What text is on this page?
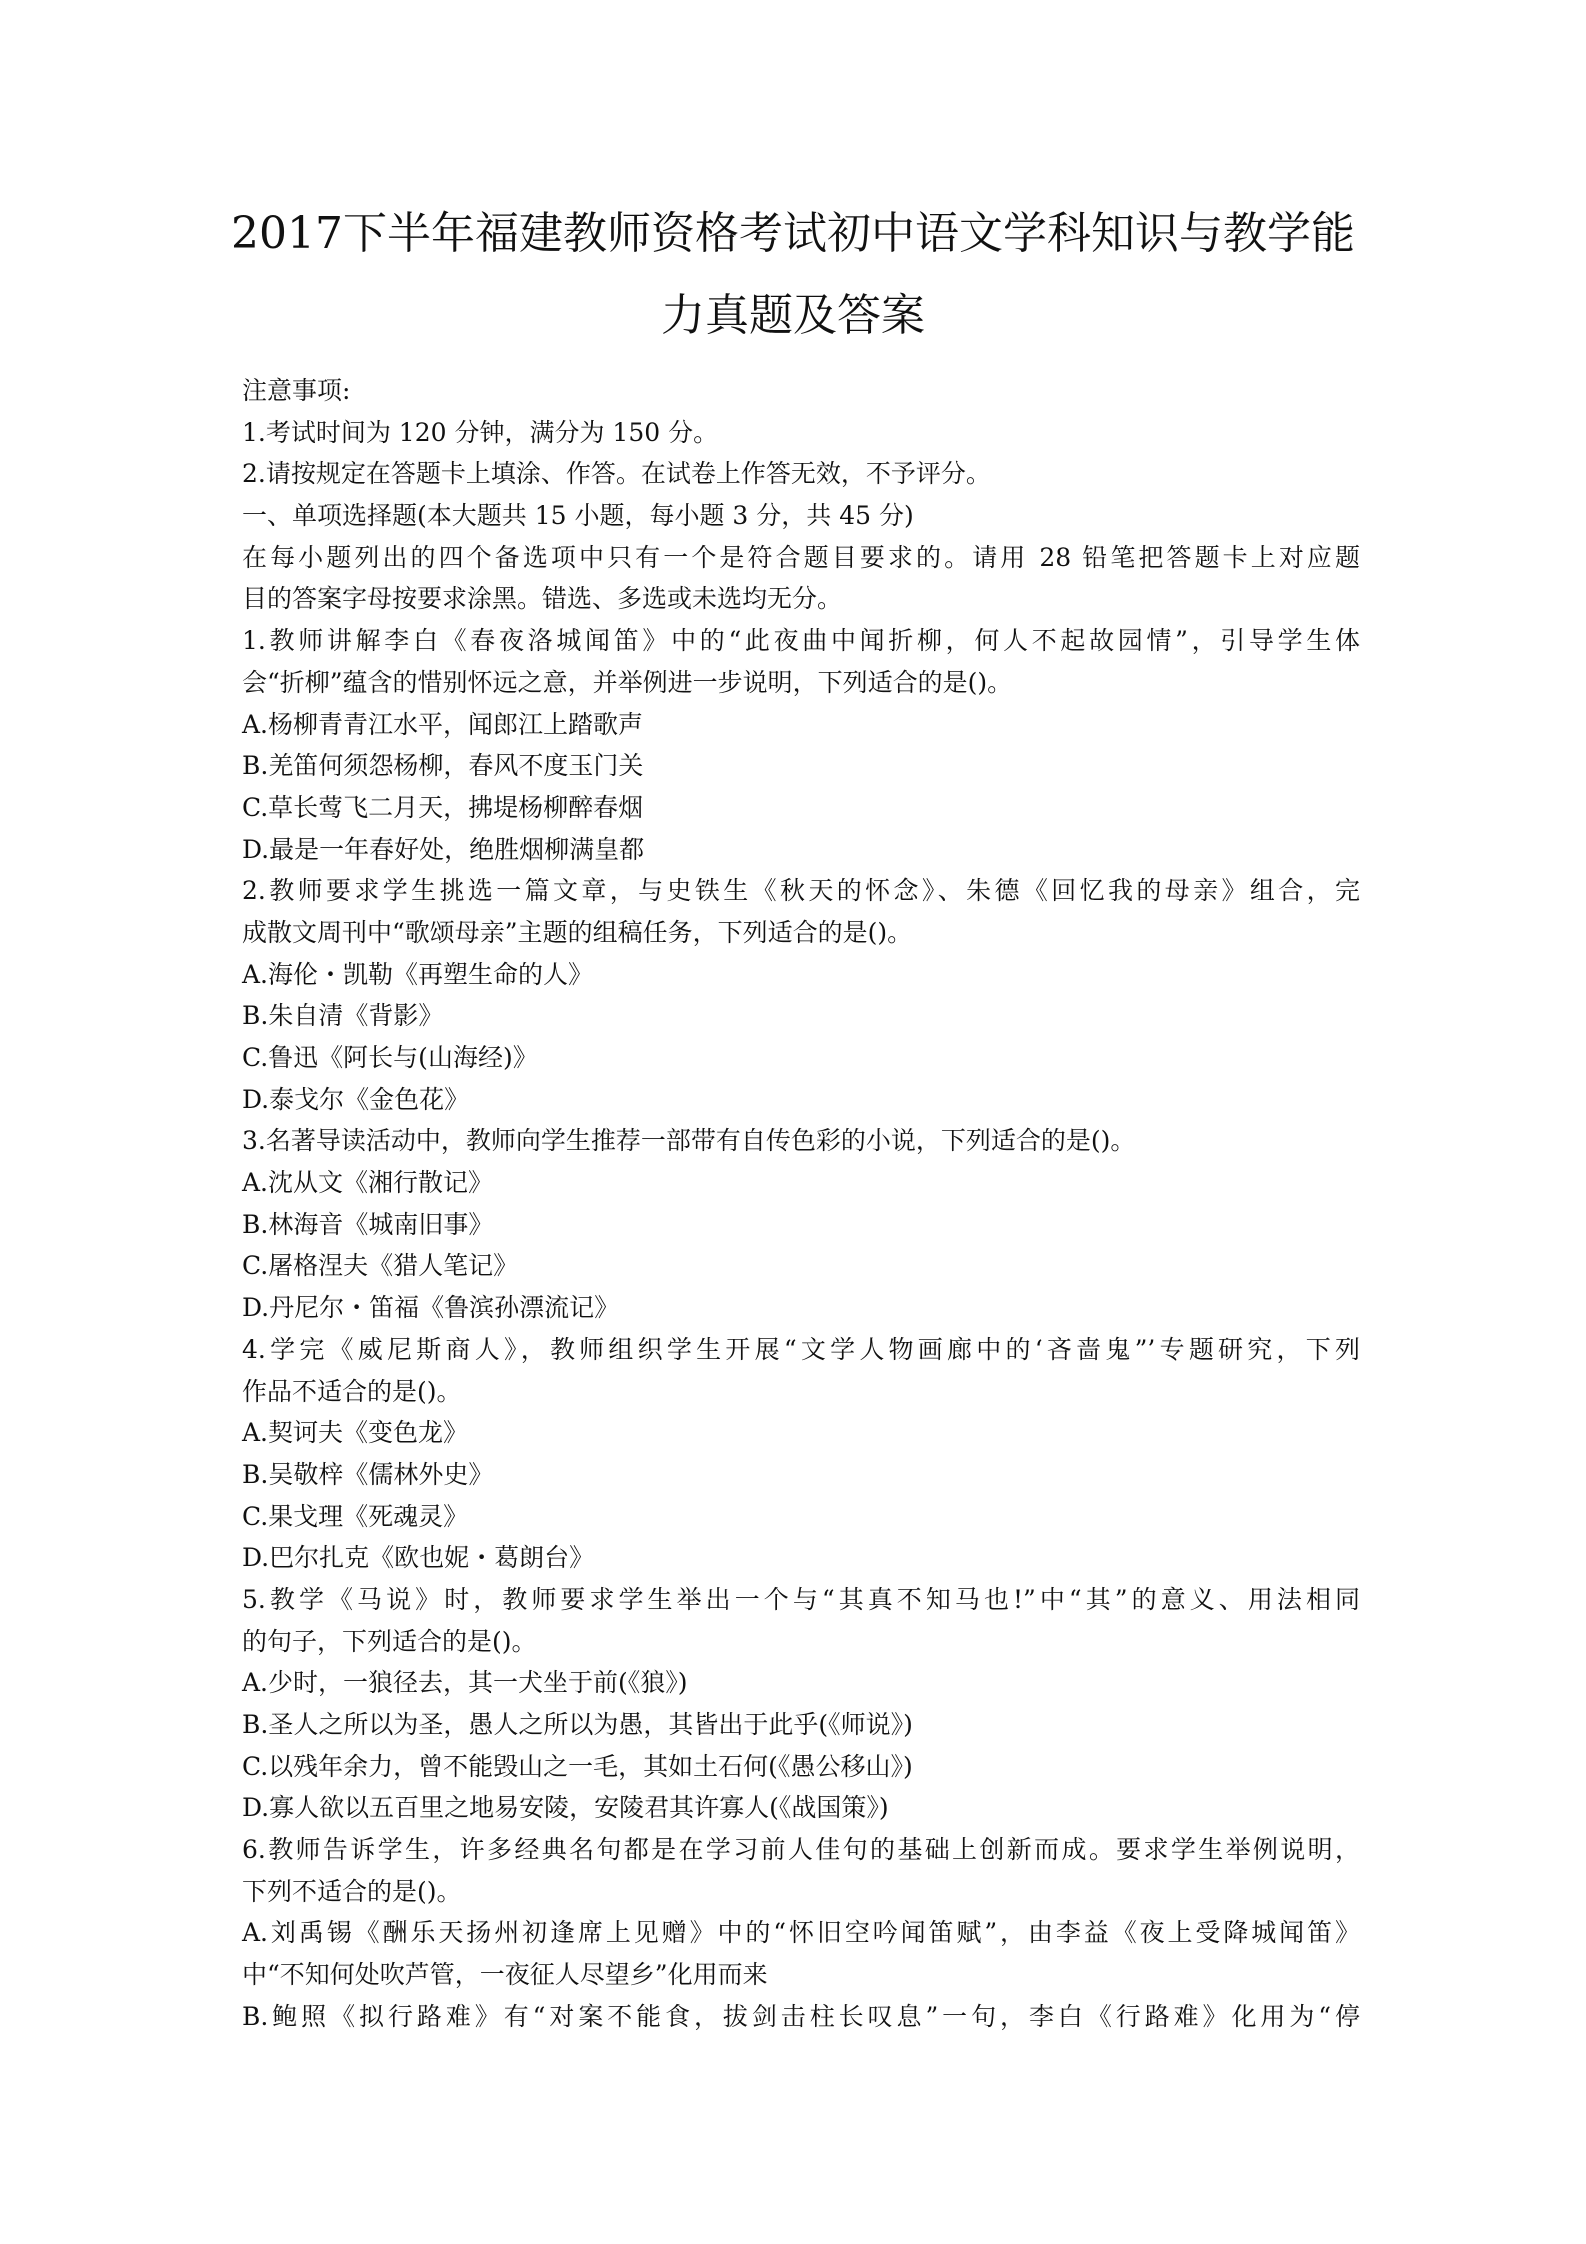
2017下半年福建教师资格考试初中语文学科知识与教学能
力真题及答案

注意事项:

1.考试时间为 120 分钟，满分为 150 分。

2.请按规定在答题卡上填涂、作答。在试卷上作答无效，不予评分。

一、单项选择题(本大题共 15 小题，每小题 3 分，共 45 分)

在每小题列出的四个备选项中只有一个是符合题目要求的。请用 28 铅笔把答题卡上对应题

目的答案字母按要求涂黑。错选、多选或未选均无分。

1.教师讲解李白《春夜洛城闻笛》中的“此夜曲中闻折柳，何人不起故园情”，引导学生体

会“折柳”蕴含的惜别怀远之意，并举例进一步说明，下列适合的是()。

A.杨柳青青江水平，闻郎江上踏歌声

B.羌笛何须怨杨柳，春风不度玉门关

C.草长莺飞二月天，拂堤杨柳醉春烟

D.最是一年春好处，绝胜烟柳满皇都

2.教师要求学生挑选一篇文章，与史铁生《秋天的怀念》、朱德《回忆我的母亲》组合，完

成散文周刊中“歌颂母亲”主题的组稿任务，下列适合的是()。

A.海伦・凯勒《再塑生命的人》

B.朱自清《背影》

C.鲁迅《阿长与(山海经)》

D.泰戈尔《金色花》

3.名著导读活动中，教师向学生推荐一部带有自传色彩的小说，下列适合的是()。

A.沈从文《湘行散记》

B.林海音《城南旧事》

C.屠格涅夫《猎人笔记》

D.丹尼尔・笛福《鲁滨孙漂流记》

4.学完《威尼斯商人》，教师组织学生开展“文学人物画廊中的‘吝啬鬼”’专题研究，下列

作品不适合的是()。

A.契诃夫《变色龙》

B.吴敬梓《儒林外史》

C.果戈理《死魂灵》

D.巴尔扎克《欧也妮・葛朗台》

5.教学《马说》时，教师要求学生举出一个与“其真不知马也!”中“其”的意义、用法相同

的句子，下列适合的是()。

A.少时，一狼径去，其一犬坐于前(《狼》)

B.圣人之所以为圣，愚人之所以为愚，其皆出于此乎(《师说》)

C.以残年余力，曾不能毁山之一毛，其如土石何(《愚公移山》)

D.寡人欲以五百里之地易安陵，安陵君其许寡人(《战国策》)

6.教师告诉学生，许多经典名句都是在学习前人佳句的基础上创新而成。要求学生举例说明，

下列不适合的是()。

A.刘禹锡《酬乐天扬州初逢席上见赠》中的“怀旧空吟闻笛赋”，由李益《夜上受降城闻笛》

中“不知何处吹芦管，一夜征人尽望乡”化用而来

B.鲍照《拟行路难》有“对案不能食，拔剑击柱长叹息”一句，李白《行路难》化用为“停
